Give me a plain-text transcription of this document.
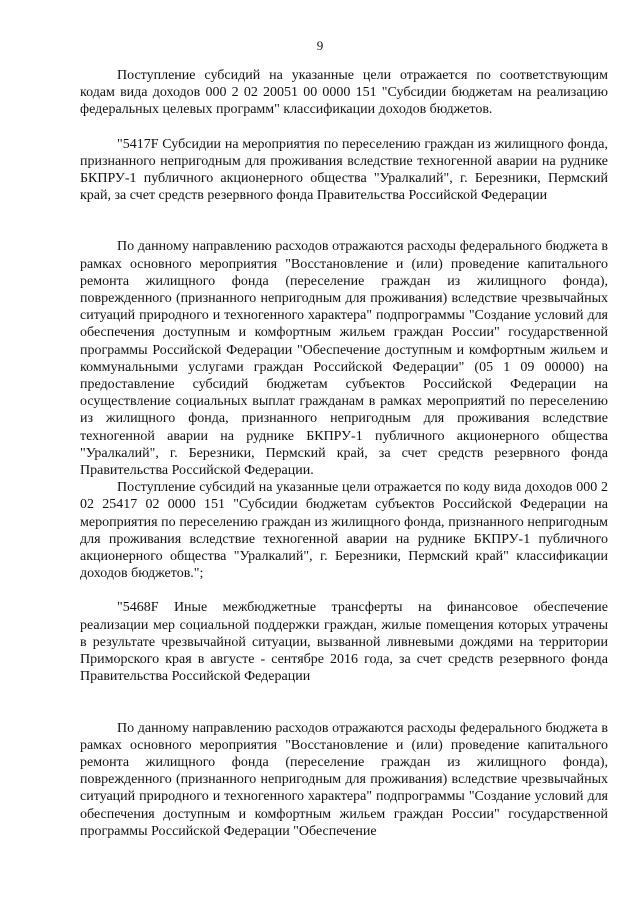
9

Поступление субсидий на указанные цели отражается по соответствующим кодам вида доходов 000 2 02 20051 00 0000 151 "Субсидии бюджетам на реализацию федеральных целевых программ" классификации доходов бюджетов.

"5417F Субсидии на мероприятия по переселению граждан из жилищного фонда, признанного непригодным для проживания вследствие техногенной аварии на руднике БКПРУ-1 публичного акционерного общества "Уралкалий", г. Березники, Пермский край, за счет средств резервного фонда Правительства Российской Федерации

По данному направлению расходов отражаются расходы федерального бюджета в рамках основного мероприятия "Восстановление и (или) проведение капитального ремонта жилищного фонда (переселение граждан из жилищного фонда), поврежденного (признанного непригодным для проживания) вследствие чрезвычайных ситуаций природного и техногенного характера" подпрограммы "Создание условий для обеспечения доступным и комфортным жильем граждан России" государственной программы Российской Федерации "Обеспечение доступным и комфортным жильем и коммунальными услугами граждан Российской Федерации" (05 1 09 00000) на предоставление субсидий бюджетам субъектов Российской Федерации на осуществление социальных выплат гражданам в рамках мероприятий по переселению из жилищного фонда, признанного непригодным для проживания вследствие техногенной аварии на руднике БКПРУ-1 публичного акционерного общества "Уралкалий", г. Березники, Пермский край, за счет средств резервного фонда Правительства Российской Федерации.

Поступление субсидий на указанные цели отражается по коду вида доходов 000 2 02 25417 02 0000 151 "Субсидии бюджетам субъектов Российской Федерации на мероприятия по переселению граждан из жилищного фонда, признанного непригодным для проживания вследствие техногенной аварии на руднике БКПРУ-1 публичного акционерного общества "Уралкалий", г. Березники, Пермский край" классификации доходов бюджетов.";

"5468F Иные межбюджетные трансферты на финансовое обеспечение реализации мер социальной поддержки граждан, жилые помещения которых утрачены в результате чрезвычайной ситуации, вызванной ливневыми дождями на территории Приморского края в августе - сентябре 2016 года, за счет средств резервного фонда Правительства Российской Федерации

По данному направлению расходов отражаются расходы федерального бюджета в рамках основного мероприятия "Восстановление и (или) проведение капитального ремонта жилищного фонда (переселение граждан из жилищного фонда), поврежденного (признанного непригодным для проживания) вследствие чрезвычайных ситуаций природного и техногенного характера" подпрограммы "Создание условий для обеспечения доступным и комфортным жильем граждан России" государственной программы Российской Федерации "Обеспечение
